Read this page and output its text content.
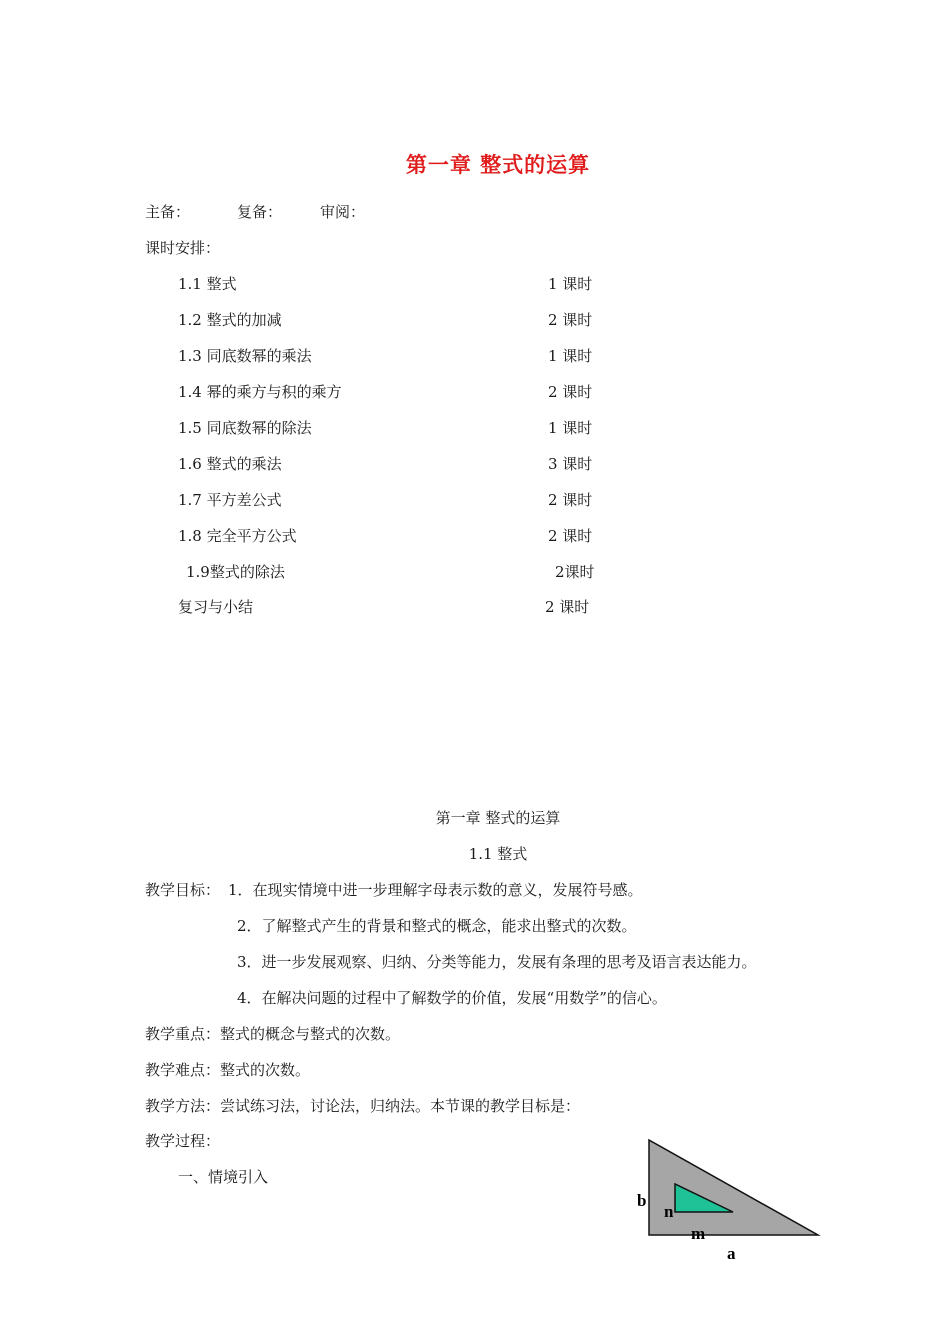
第一章 整式的运算
主备：	复备：	审阅：
课时安排：
1.1 整式	1 课时
1.2 整式的加减	2 课时
1.3 同底数幂的乘法	1 课时
1.4 幂的乘方与积的乘方	2 课时
1.5 同底数幂的除法	1 课时
1.6 整式的乘法	3 课时
1.7 平方差公式	2 课时
1.8 完全平方公式	2 课时
1.9整式的除法	2课时
复习与小结	2 课时
第一章 整式的运算
1.1 整式
教学目标： 1．在现实情境中进一步理解字母表示数的意义，发展符号感。
2．了解整式产生的背景和整式的概念，能求出整式的次数。
3．进一步发展观察、归纳、分类等能力，发展有条理的思考及语言表达能力。
4．在解决问题的过程中了解数学的价值，发展“用数学”的信心。
教学重点：整式的概念与整式的次数。
教学难点：整式的次数。
教学方法：尝试练习法，讨论法，归纳法。本节课的教学目标是：
教学过程：
一、情境引入
b
n
m
a
